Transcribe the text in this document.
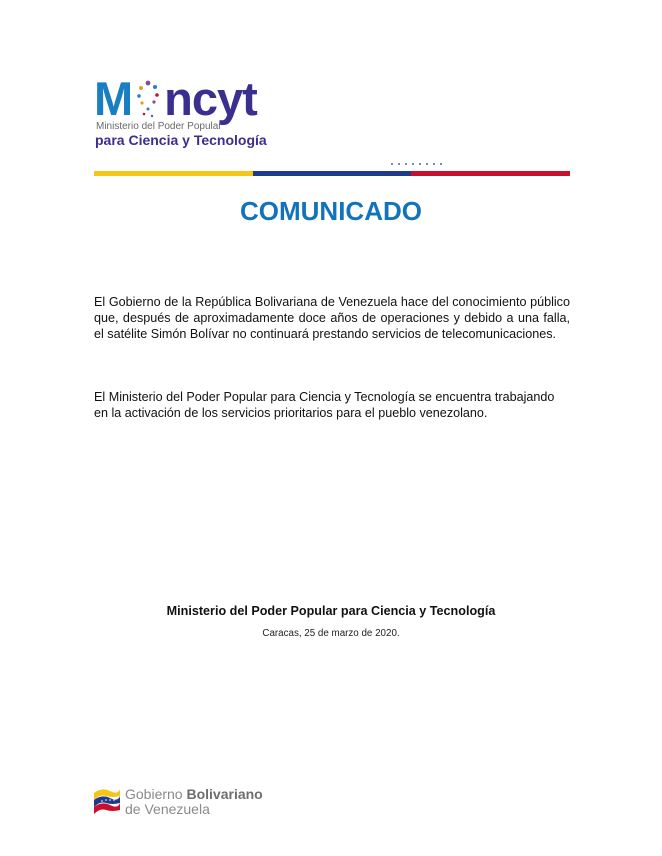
M ncyt
Ministerio del Poder Popular
para Ciencia y Tecnología
COMUNICADO

El Gobierno de la República Bolivariana de Venezuela hace del conocimiento público que, después de aproximadamente doce años de operaciones y debido a una falla, el satélite Simón Bolívar no continuará prestando servicios de telecomunicaciones.

El Ministerio del Poder Popular para Ciencia y Tecnología se encuentra trabajando en la activación de los servicios prioritarios para el pueblo venezolano.

Ministerio del Poder Popular para Ciencia y Tecnología
Caracas, 25 de marzo de 2020.
Gobierno Bolivariano
de Venezuela
